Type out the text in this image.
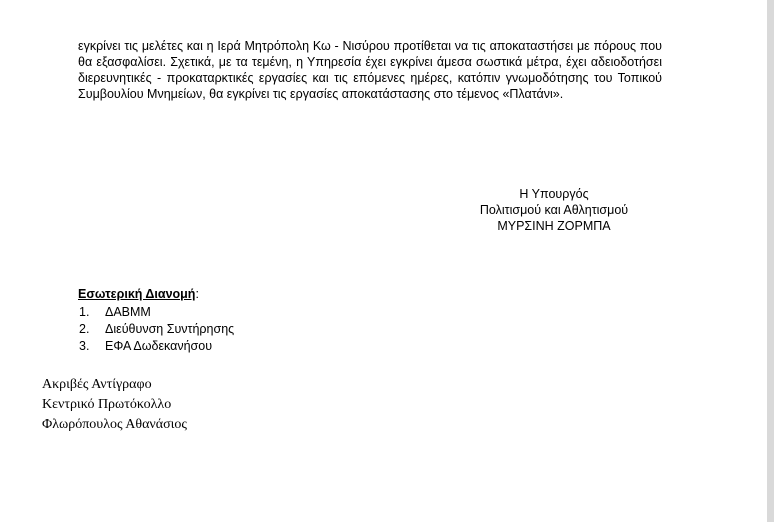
εγκρίνει τις μελέτες και η Ιερά Μητρόπολη Κω - Νισύρου προτίθεται να τις αποκαταστήσει με πόρους που θα εξασφαλίσει. Σχετικά, με τα τεμένη, η Υπηρεσία έχει εγκρίνει άμεσα σωστικά μέτρα, έχει αδειοδοτήσει διερευνητικές - προκαταρκτικές εργασίες και τις επόμενες ημέρες, κατόπιν γνωμοδότησης του Τοπικού Συμβουλίου Μνημείων, θα εγκρίνει τις εργασίες αποκατάστασης στο τέμενος «Πλατάνι».

Η Υπουργός
Πολιτισμού και Αθλητισμού
ΜΥΡΣΙΝΗ ΖΟΡΜΠΑ
Εσωτερική Διανομή:
1. ΔΑΒΜΜ
2. Διεύθυνση Συντήρησης
3. ΕΦΑ Δωδεκανήσου
Ακριβές Αντίγραφο
Κεντρικό Πρωτόκολλο
Φλωρόπουλος Αθανάσιος
